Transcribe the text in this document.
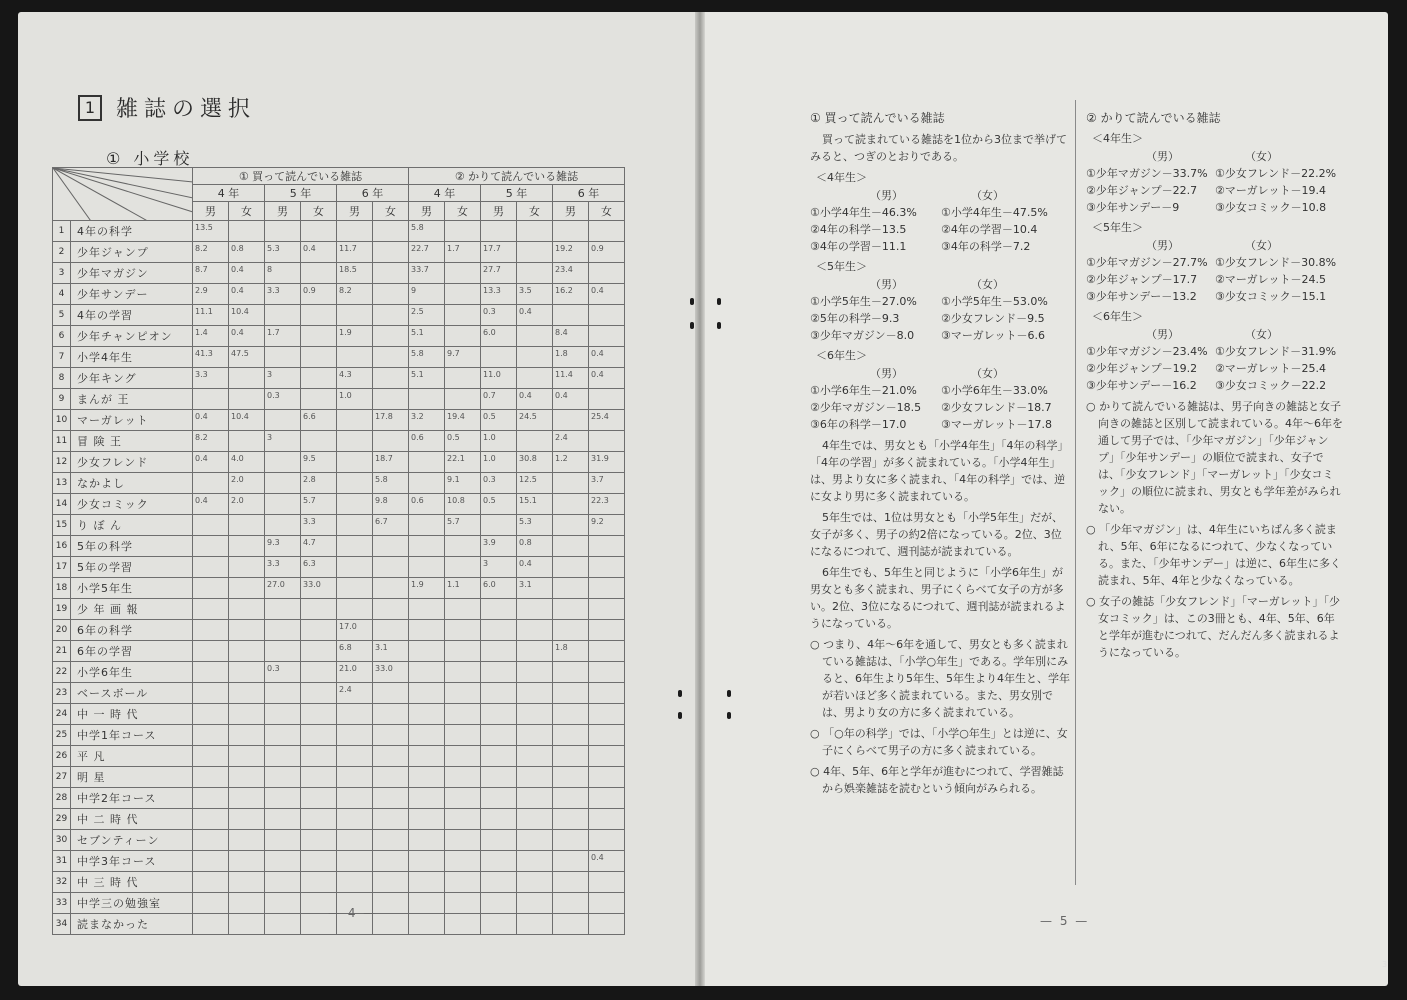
1 雑誌の選択
① 小学校
	① 買って読んでいる雑誌						② かりて読んでいる雑誌					
		4 年		5 年		6 年		4 年		5 年		6 年	
		男	女	男	女	男	女	男	女	男	女	男	女
1	4年の科学	13.5						5.8					
2	少年ジャンプ	8.2	0.8	5.3	0.4	11.7		22.7	1.7	17.7		19.2	0.9
3	少年マガジン	8.7	0.4	8		18.5		33.7		27.7		23.4	
4	少年サンデー	2.9	0.4	3.3	0.9	8.2		9		13.3	3.5	16.2	0.4
5	4年の学習	11.1	10.4					2.5		0.3	0.4		
6	少年チャンピオン	1.4	0.4	1.7		1.9		5.1		6.0		8.4	
7	小学4年生	41.3	47.5					5.8	9.7			1.8	0.4
8	少年キング	3.3		3		4.3		5.1		11.0		11.4	0.4
9	まんが 王			0.3		1.0				0.7	0.4	0.4	
10	マーガレット	0.4	10.4		6.6		17.8	3.2	19.4	0.5	24.5		25.4
11	冒 険 王	8.2		3				0.6	0.5	1.0		2.4	
12	少女フレンド	0.4	4.0		9.5		18.7		22.1	1.0	30.8	1.2	31.9
13	なかよし		2.0		2.8		5.8		9.1	0.3	12.5		3.7
14	少女コミック	0.4	2.0		5.7		9.8	0.6	10.8	0.5	15.1		22.3
15	り ぼ ん				3.3		6.7		5.7		5.3		9.2
16	5年の科学			9.3	4.7					3.9	0.8		
17	5年の学習			3.3	6.3					3	0.4		
18	小学5年生			27.0	33.0			1.9	1.1	6.0	3.1		
19	少 年 画 報												
20	6年の科学					17.0							
21	6年の学習					6.8	3.1					1.8	
22	小学6年生			0.3		21.0	33.0						
23	ベースボール					2.4							
24	中 一 時 代												
25	中学1年コース												
26	平 凡												
27	明 星												
28	中学2年コース												
29	中 二 時 代												
30	セブンティーン												
31	中学3年コース												0.4
32	中 三 時 代												
33	中学三の勉強室												
34	読まなかった												
— 4 —
① 買って読んでいる雑誌
買って読まれている雑誌を1位から3位まで挙げてみると、つぎのとおりである。
＜4年生＞
（男）	（女）
①小学4年生－46.3%	①小学4年生－47.5%
②4年の科学－13.5	②4年の学習－10.4
③4年の学習－11.1	③4年の科学－7.2
＜5年生＞
（男）	（女）
①小学5年生－27.0%	①小学5年生－53.0%
②5年の科学－9.3	②少女フレンド－9.5
③少年マガジン－8.0	③マーガレット－6.6
＜6年生＞
（男）	（女）
①小学6年生－21.0%	①小学6年生－33.0%
②少年マガジン－18.5	②少女フレンド－18.7
③6年の科学－17.0	③マーガレット－17.8
4年生では、男女とも「小学4年生」「4年の科学」「4年の学習」が多く読まれている。「小学4年生」は、男より女に多く読まれ、「4年の科学」では、逆に女より男に多く読まれている。
5年生では、1位は男女とも「小学5年生」だが、女子が多く、男子の約2倍になっている。2位、3位になるにつれて、週刊誌が読まれている。
6年生でも、5年生と同じように「小学6年生」が男女とも多く読まれ、男子にくらべて女子の方が多い。2位、3位になるにつれて、週刊誌が読まれるようになっている。
○ つまり、4年～6年を通して、男女とも多く読まれている雑誌は、「小学○年生」である。学年別にみると、6年生より5年生、5年生より4年生と、学年が若いほど多く読まれている。また、男女別では、男より女の方に多く読まれている。
○ 「○年の科学」では、「小学○年生」とは逆に、女子にくらべて男子の方に多く読まれている。
○ 4年、5年、6年と学年が進むにつれて、学習雑誌から娯楽雑誌を読むという傾向がみられる。
② かりて読んでいる雑誌
＜4年生＞
（男）	（女）
①少年マガジン－33.7% ①少女フレンド－22.2%
②少年ジャンプ－22.7	②マーガレット－19.4
③少年サンデー－9	③少女コミック－10.8
＜5年生＞
（男）	（女）
①少年マガジン－27.7% ①少女フレンド－30.8%
②少年ジャンプ－17.7	②マーガレット－24.5
③少年サンデー－13.2	③少女コミック－15.1
＜6年生＞
（男）	（女）
①少年マガジン－23.4% ①少女フレンド－31.9%
②少年ジャンプ－19.2	②マーガレット－25.4
③少年サンデー－16.2	③少女コミック－22.2
○ かりて読んでいる雑誌は、男子向きの雑誌と女子向きの雑誌と区別して読まれている。4年～6年を通して男子では、「少年マガジン」「少年ジャンプ」「少年サンデー」の順位で読まれ、女子では、「少女フレンド」「マーガレット」「少女コミック」の順位に読まれ、男女とも学年差がみられない。
○ 「少年マガジン」は、4年生にいちばん多く読まれ、5年、6年になるにつれて、少なくなっている。また、「少年サンデー」は逆に、6年生に多く読まれ、5年、4年と少なくなっている。
○ 女子の雑誌「少女フレンド」「マーガレット」「少女コミック」は、この3冊とも、4年、5年、6年と学年が進むにつれて、だんだん多く読まれるようになっている。
— 5 —
3
